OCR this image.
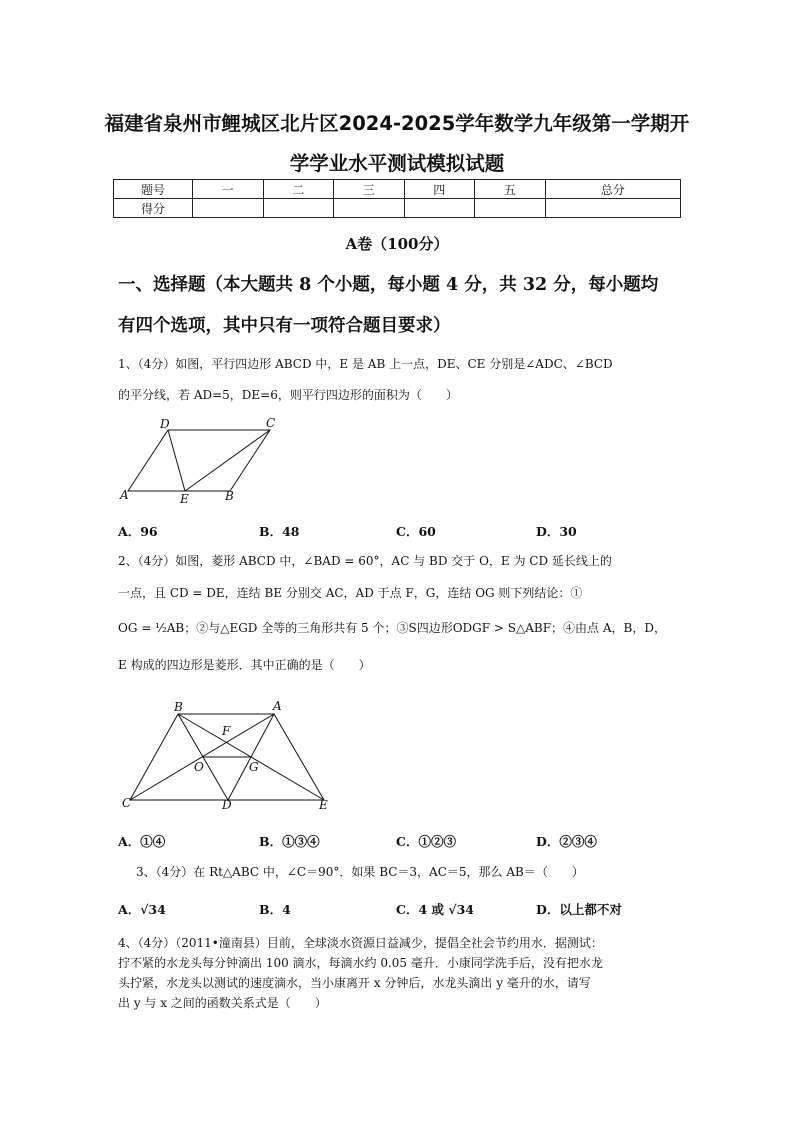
福建省泉州市鲤城区北片区2024-2025学年数学九年级第一学期开
学学业水平测试模拟试题
题号	一	二	三	四	五	总分
得分						
A卷（100分）
一、选择题（本大题共 8 个小题，每小题 4 分，共 32 分，每小题均
有四个选项，其中只有一项符合题目要求）
1、（4分）如图，平行四边形 ABCD 中，E 是 AB 上一点，DE、CE 分别是∠ADC、∠BCD
的平分线，若 AD=5，DE=6，则平行四边形的面积为（　　）
D	C
A	E	B
A．96	B．48	C．60	D．30
2、（4分）如图，菱形 ABCD 中，∠BAD = 60°，AC 与 BD 交于 O，E 为 CD 延长线上的
一点，且 CD = DE，连结 BE 分别交 AC，AD 于点 F，G，连结 OG 则下列结论：①
OG = ½AB；②与△EGD 全等的三角形共有 5 个；③S四边形ODGF > S△ABF；④由点 A，B，D，
E 构成的四边形是菱形．其中正确的是（　　）
B	A
F
O	G
C	D	E
A．①④	B．①③④	C．①②③	D．②③④
3、（4分）在 Rt△ABC 中，∠C＝90°．如果 BC＝3，AC＝5，那么 AB＝（　　）
A．√34	B．4	C．4 或 √34	D．以上都不对
4、（4分）（2011•潼南县）目前，全球淡水资源日益减少，提倡全社会节约用水．据测试：
拧不紧的水龙头每分钟滴出 100 滴水，每滴水约 0.05 毫升．小康同学洗手后，没有把水龙
头拧紧，水龙头以测试的速度滴水，当小康离开 x 分钟后，水龙头滴出 y 毫升的水，请写
出 y 与 x 之间的函数关系式是（　　）
